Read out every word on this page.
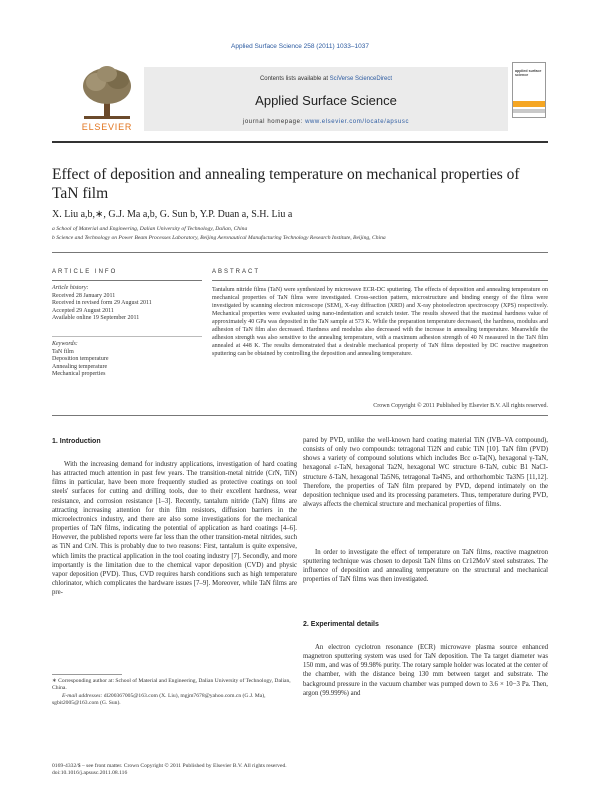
Applied Surface Science 258 (2011) 1033–1037
ELSEVIER
Contents lists available at SciVerse ScienceDirect
Applied Surface Science
journal homepage: www.elsevier.com/locate/apsusc
applied surface science
Effect of deposition and annealing temperature on mechanical properties of TaN film
X. Liu a,b,∗, G.J. Ma a,b, G. Sun b, Y.P. Duan a, S.H. Liu a
a School of Material and Engineering, Dalian University of Technology, Dalian, China
b Science and Technology on Power Beam Processes Laboratory, Beijing Aeronautical Manufacturing Technology Research Institute, Beijing, China
ARTICLE INFO	ABSTRACT
Article history:
Received 28 January 2011
Received in revised form 29 August 2011
Accepted 29 August 2011
Available online 19 September 2011
Keywords:
TaN film
Deposition temperature
Annealing temperature
Mechanical properties
Tantalum nitride films (TaN) were synthesized by microwave ECR-DC sputtering. The effects of deposition and annealing temperature on mechanical properties of TaN films were investigated. Cross-section pattern, microstructure and binding energy of the films were investigated by scanning electron microscope (SEM), X-ray diffraction (XRD) and X-ray photoelectron spectroscopy (XPS) respectively. Mechanical properties were evaluated using nano-indentation and scratch tester. The results showed that the maximal hardness value of approximately 40 GPa was deposited in the TaN sample at 573 K. While the preparation temperature decreased, the hardness, modulus and adhesion of TaN film also decreased. Hardness and modulus also decreased with the increase in annealing temperature. Meanwhile the adhesion strength was also sensitive to the annealing temperature, with a maximum adhesion strength of 40 N measured in the TaN film annealed at 448 K. The results demonstrated that a desirable mechanical property of TaN films deposited by DC reactive magnetron sputtering can be obtained by controlling the deposition and annealing temperature.
Crown Copyright © 2011 Published by Elsevier B.V. All rights reserved.
1. Introduction
With the increasing demand for industry applications, investigation of hard coating has attracted much attention in past few years. The transition-metal nitride (CrN, TiN) films in particular, have been more frequently studied as protective coatings on tool steels' surfaces for cutting and drilling tools, due to their excellent hardness, wear resistance, and corrosion resistance [1–3]. Recently, tantalum nitride (TaN) films are attracting increasing attention for thin film resistors, diffusion barriers in the microelectronics industry, and there are also some investigations for the mechanical properties of TaN films, indicating the potential of application as hard coatings [4–6]. However, the published reports were far less than the other transition-metal nitrides, such as TiN and CrN. This is probably due to two reasons: First, tantalum is quite expensive, which limits the practical application in the tool coating industry [7]. Secondly, and more importantly is the limitation due to the chemical vapor deposition (CVD) and physic vapor deposition (PVD). Thus, CVD requires harsh conditions such as high temperature chlorinator, which complicates the hardware issues [7–9]. Moreover, while TaN films are pre-
pared by PVD, unlike the well-known hard coating material TiN (IVB–VA compound), consists of only two compounds: tetragonal Ti2N and cubic TiN [10]. TaN film (PVD) shows a variety of compound solutions which includes Bcc α-Ta(N), hexagonal γ-TaN, hexagonal ε-TaN, hexagonal Ta2N, hexagonal WC structure θ-TaN, cubic B1 NaCl-structure δ-TaN, hexagonal Ta5N6, tetragonal Ta4N5, and orthorhombic Ta3N5 [11,12]. Therefore, the properties of TaN film prepared by PVD, depend intimately on the deposition technique used and its processing parameters. Thus, temperature during PVD, always affects the chemical structure and mechanical properties of films.
In order to investigate the effect of temperature on TaN films, reactive magnetron sputtering technique was chosen to deposit TaN films on Cr12MoV steel substrates. The influence of deposition and annealing temperature on the structural and mechanical properties of TaN films was then investigated.
2. Experimental details
An electron cyclotron resonance (ECR) microwave plasma source enhanced magnetron sputtering system was used for TaN deposition. The Ta target diameter was 150 mm, and was of 99.98% purity. The rotary sample holder was located at the center of the chamber, with the distance being 130 mm between target and substrate. The background pressure in the vacuum chamber was pumped down to 3.6 × 10−3 Pa. Then, argon (99.999%) and
∗ Corresponding author at: School of Material and Engineering, Dalian University of Technology, Dalian, China.
E-mail addresses: dl200367005@163.com (X. Liu), mgjm7678@yahoo.com.cn (G.J. Ma), sgbit2005@163.com (G. Sun).
0169-4332/$ – see front matter. Crown Copyright © 2011 Published by Elsevier B.V. All rights reserved.
doi:10.1016/j.apsusc.2011.08.116
